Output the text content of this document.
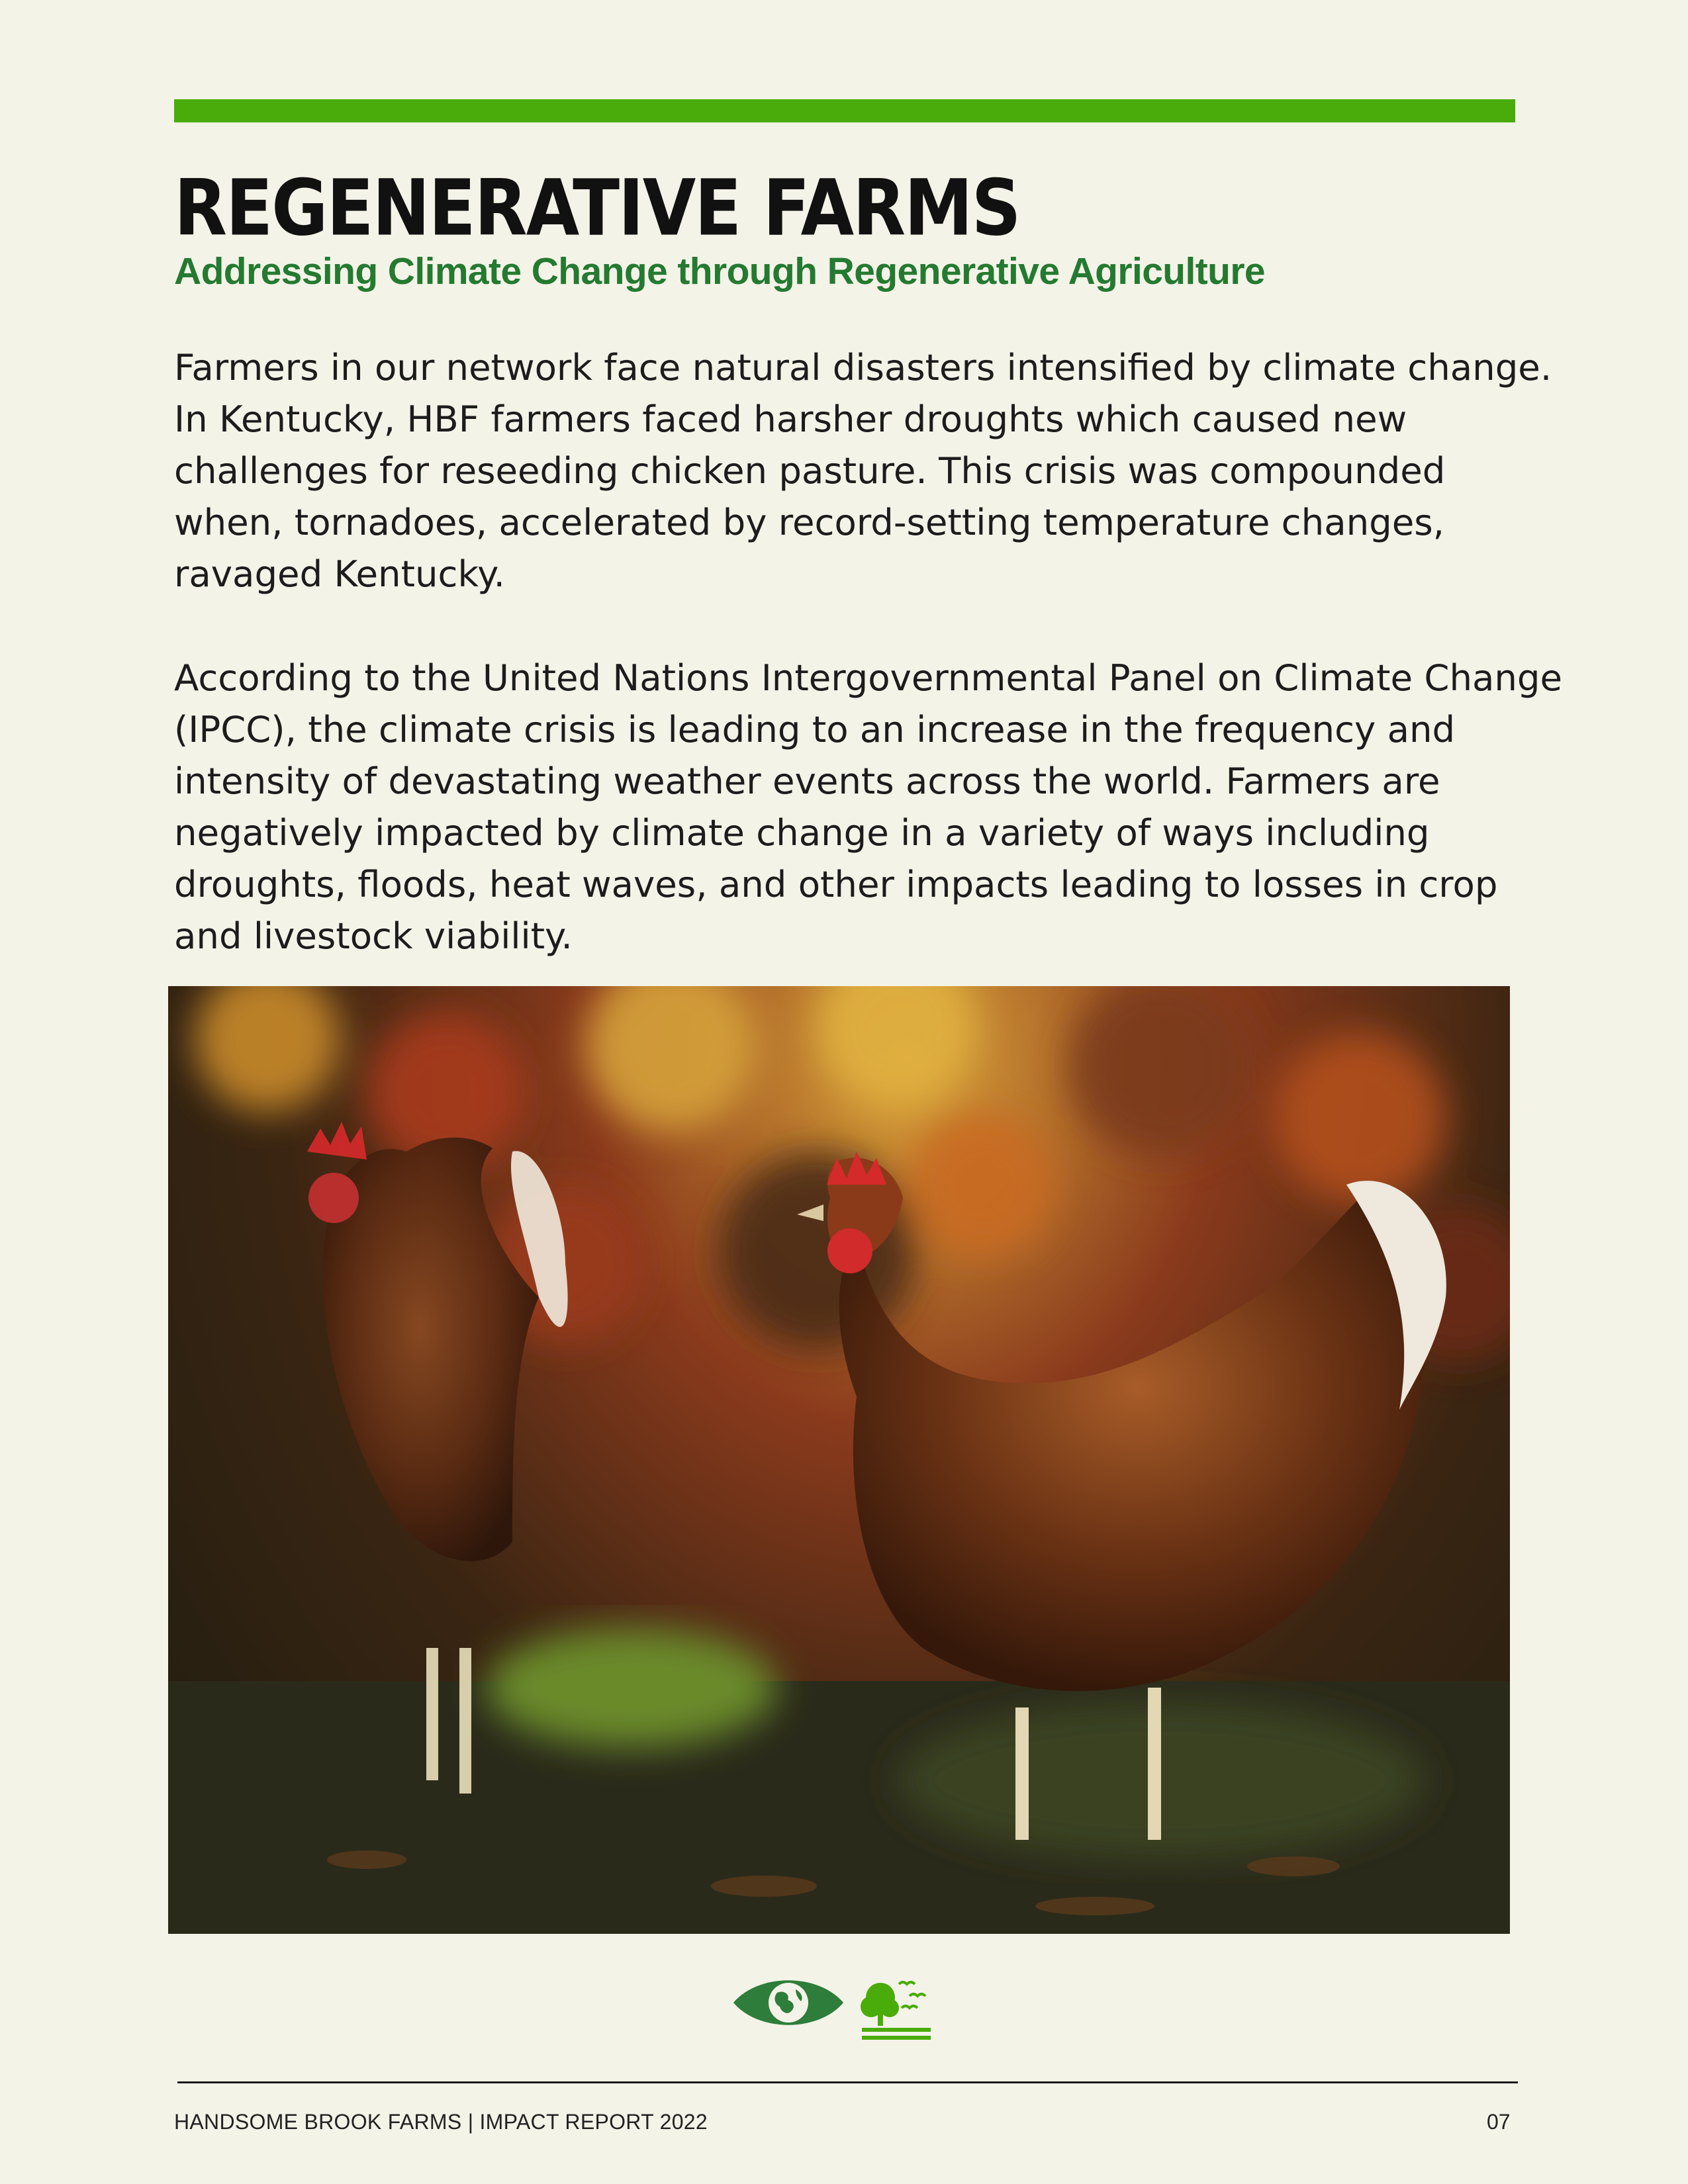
REGENERATIVE FARMS
Addressing Climate Change through Regenerative Agriculture

Farmers in our network face natural disasters intensified by climate change. In Kentucky, HBF farmers faced harsher droughts which caused new challenges for reseeding chicken pasture. This crisis was compounded when, tornadoes, accelerated by record-setting temperature changes, ravaged Kentucky.

According to the United Nations Intergovernmental Panel on Climate Change (IPCC), the climate crisis is leading to an increase in the frequency and intensity of devastating weather events across the world. Farmers are negatively impacted by climate change in a variety of ways including droughts, floods, heat waves, and other impacts leading to losses in crop and livestock viability.

HANDSOME BROOK FARMS | IMPACT REPORT 2022	07
